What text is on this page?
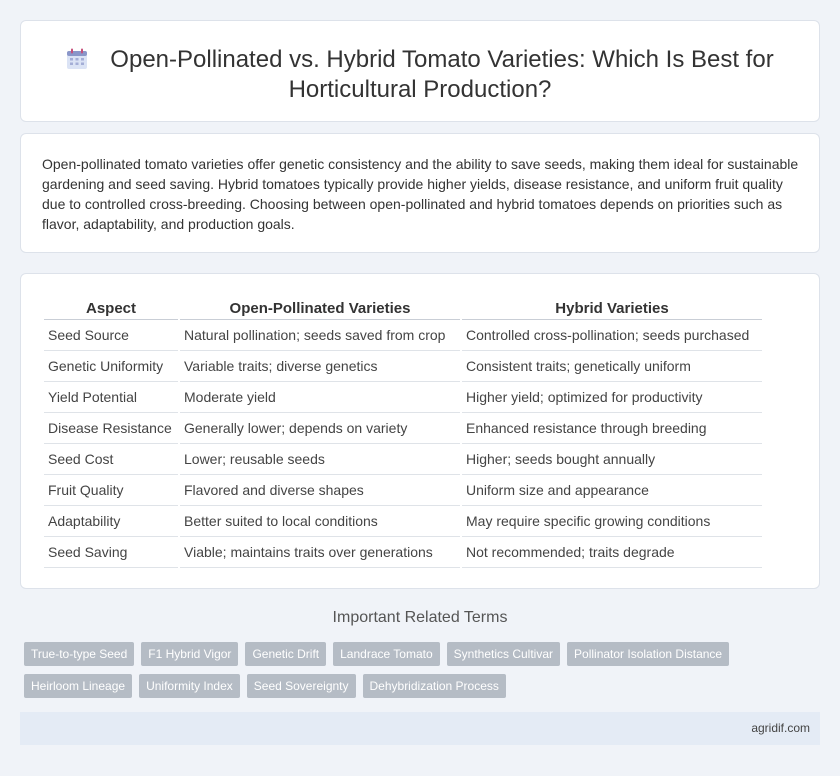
Open-Pollinated vs. Hybrid Tomato Varieties: Which Is Best for Horticultural Production?

Open-pollinated tomato varieties offer genetic consistency and the ability to save seeds, making them ideal for sustainable gardening and seed saving. Hybrid tomatoes typically provide higher yields, disease resistance, and uniform fruit quality due to controlled cross-breeding. Choosing between open-pollinated and hybrid tomatoes depends on priorities such as flavor, adaptability, and production goals.

Aspect	Open-Pollinated Varieties	Hybrid Varieties
Seed Source	Natural pollination; seeds saved from crop	Controlled cross-pollination; seeds purchased
Genetic Uniformity	Variable traits; diverse genetics	Consistent traits; genetically uniform
Yield Potential	Moderate yield	Higher yield; optimized for productivity
Disease Resistance	Generally lower; depends on variety	Enhanced resistance through breeding
Seed Cost	Lower; reusable seeds	Higher; seeds bought annually
Fruit Quality	Flavored and diverse shapes	Uniform size and appearance
Adaptability	Better suited to local conditions	May require specific growing conditions
Seed Saving	Viable; maintains traits over generations	Not recommended; traits degrade
Important Related Terms
True-to-type Seed	F1 Hybrid Vigor	Genetic Drift	Landrace Tomato	Synthetics Cultivar	Pollinator Isolation Distance
Heirloom Lineage	Uniformity Index	Seed Sovereignty	Dehybridization Process
agridif.com
